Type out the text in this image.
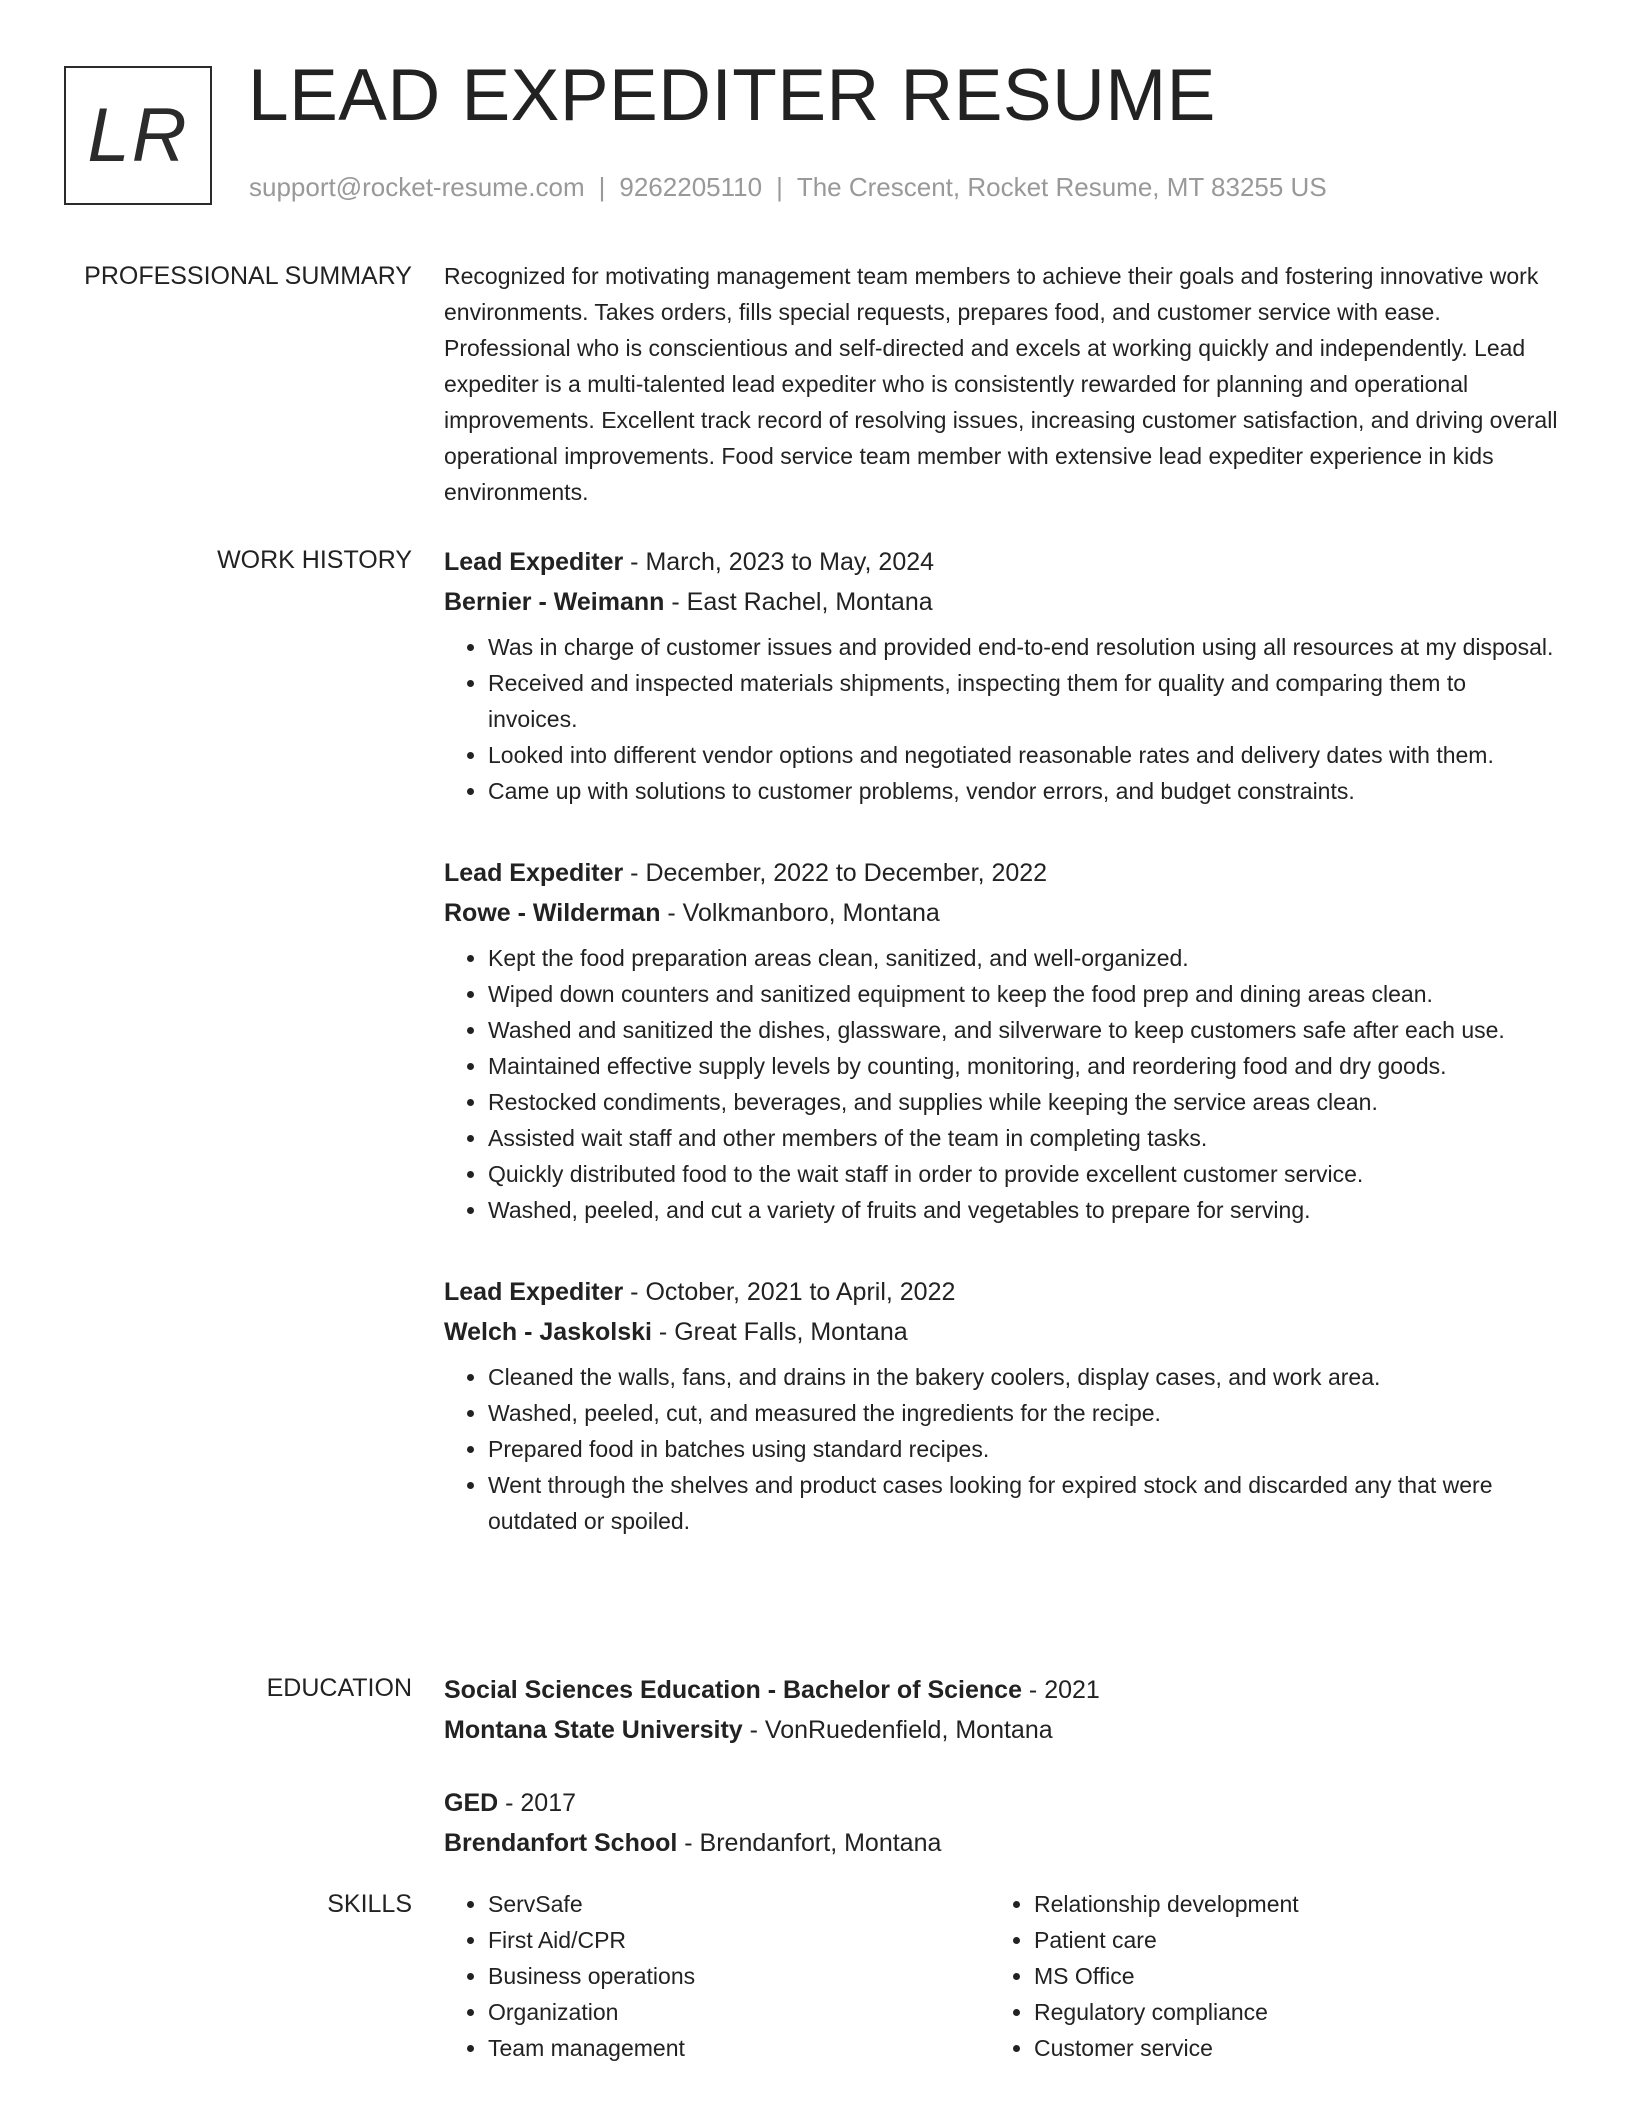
LR LEAD EXPEDITER RESUME
support@rocket-resume.com | 9262205110 | The Crescent, Rocket Resume, MT 83255 US
PROFESSIONAL SUMMARY Recognized for motivating management team members to achieve their goals and fostering innovative work environments. Takes orders, fills special requests, prepares food, and customer service with ease. Professional who is conscientious and self-directed and excels at working quickly and independently. Lead expediter is a multi-talented lead expediter who is consistently rewarded for planning and operational improvements. Excellent track record of resolving issues, increasing customer satisfaction, and driving overall operational improvements. Food service team member with extensive lead expediter experience in kids environments.

WORK HISTORY Lead Expediter - March, 2023 to May, 2024

Bernier - Weimann - East Rachel, Montana

• Was in charge of customer issues and provided end-to-end resolution using all resources at my disposal.
• Received and inspected materials shipments, inspecting them for quality and comparing them to invoices.
• Looked into different vendor options and negotiated reasonable rates and delivery dates with them.
• Came up with solutions to customer problems, vendor errors, and budget constraints.

Lead Expediter - December, 2022 to December, 2022

Rowe - Wilderman - Volkmanboro, Montana

• Kept the food preparation areas clean, sanitized, and well-organized.
• Wiped down counters and sanitized equipment to keep the food prep and dining areas clean.
• Washed and sanitized the dishes, glassware, and silverware to keep customers safe after each use.
• Maintained effective supply levels by counting, monitoring, and reordering food and dry goods.
• Restocked condiments, beverages, and supplies while keeping the service areas clean.
• Assisted wait staff and other members of the team in completing tasks.
• Quickly distributed food to the wait staff in order to provide excellent customer service.
• Washed, peeled, and cut a variety of fruits and vegetables to prepare for serving.

Lead Expediter - October, 2021 to April, 2022

Welch - Jaskolski - Great Falls, Montana

• Cleaned the walls, fans, and drains in the bakery coolers, display cases, and work area.
• Washed, peeled, cut, and measured the ingredients for the recipe.
• Prepared food in batches using standard recipes.
• Went through the shelves and product cases looking for expired stock and discarded any that were outdated or spoiled.
EDUCATION Social Sciences Education - Bachelor of Science - 2021

Montana State University - VonRuedenfield, Montana

GED - 2017

Brendanfort School - Brendanfort, Montana

SKILLS
•	ServSafe
• First Aid/CPR
• Business operations
• Organization
• Team management
• Relationship development
• Patient care
• MS Office
• Regulatory compliance
• Customer service
